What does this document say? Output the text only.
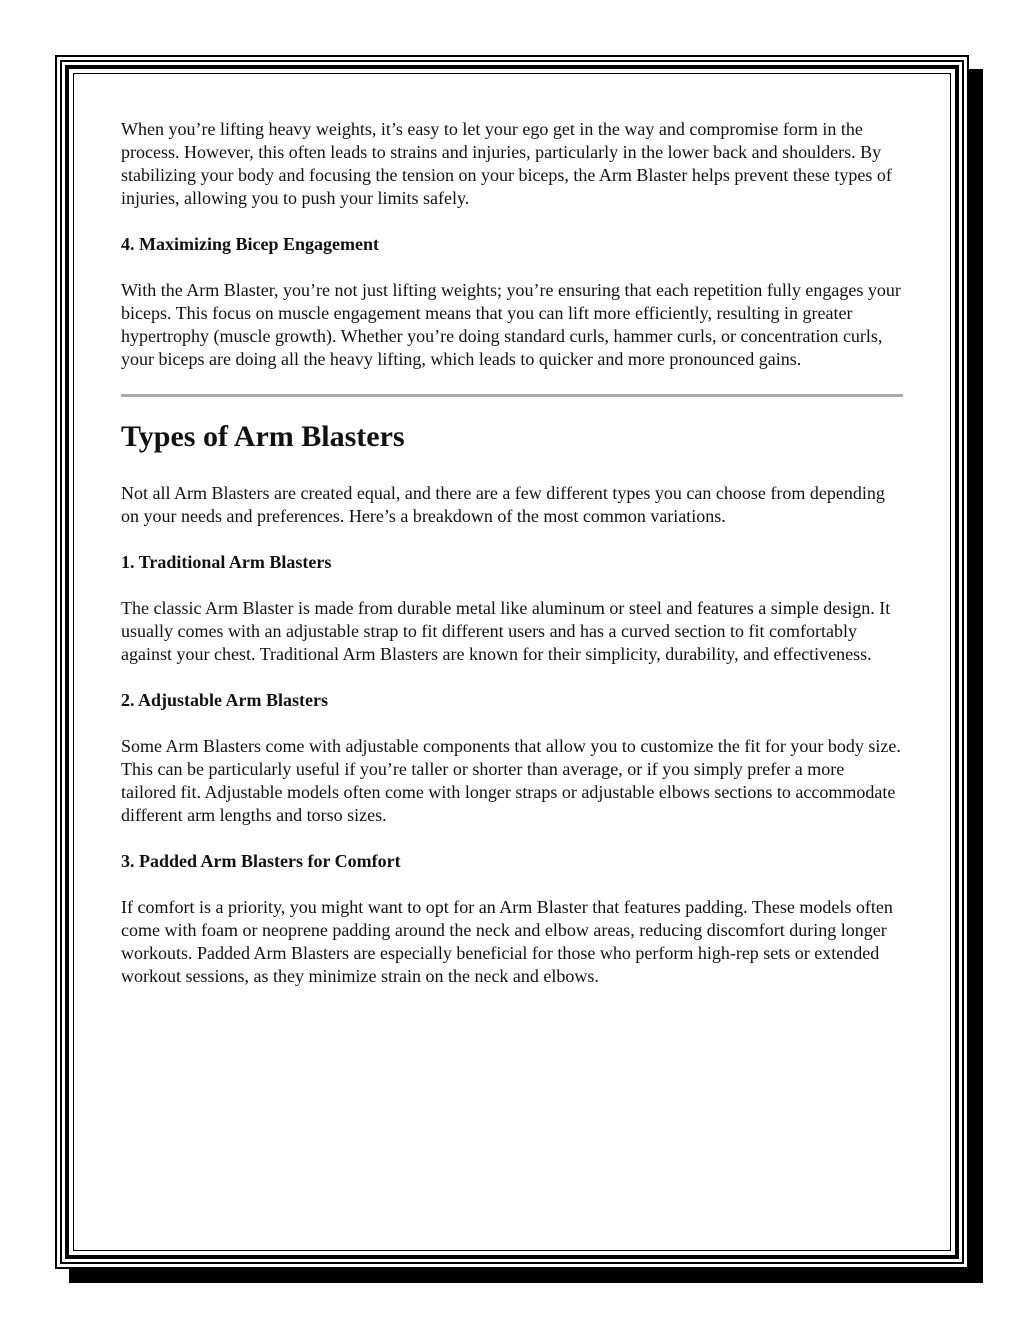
When you’re lifting heavy weights, it’s easy to let your ego get in the way and compromise form in the process. However, this often leads to strains and injuries, particularly in the lower back and shoulders. By stabilizing your body and focusing the tension on your biceps, the Arm Blaster helps prevent these types of injuries, allowing you to push your limits safely.

4. Maximizing Bicep Engagement

With the Arm Blaster, you’re not just lifting weights; you’re ensuring that each repetition fully engages your biceps. This focus on muscle engagement means that you can lift more efficiently, resulting in greater hypertrophy (muscle growth). Whether you’re doing standard curls, hammer curls, or concentration curls, your biceps are doing all the heavy lifting, which leads to quicker and more pronounced gains.

Types of Arm Blasters

Not all Arm Blasters are created equal, and there are a few different types you can choose from depending on your needs and preferences. Here’s a breakdown of the most common variations.

1. Traditional Arm Blasters

The classic Arm Blaster is made from durable metal like aluminum or steel and features a simple design. It usually comes with an adjustable strap to fit different users and has a curved section to fit comfortably against your chest. Traditional Arm Blasters are known for their simplicity, durability, and effectiveness.

2. Adjustable Arm Blasters

Some Arm Blasters come with adjustable components that allow you to customize the fit for your body size. This can be particularly useful if you’re taller or shorter than average, or if you simply prefer a more tailored fit. Adjustable models often come with longer straps or adjustable elbows sections to accommodate different arm lengths and torso sizes.

3. Padded Arm Blasters for Comfort

If comfort is a priority, you might want to opt for an Arm Blaster that features padding. These models often come with foam or neoprene padding around the neck and elbow areas, reducing discomfort during longer workouts. Padded Arm Blasters are especially beneficial for those who perform high-rep sets or extended workout sessions, as they minimize strain on the neck and elbows.
